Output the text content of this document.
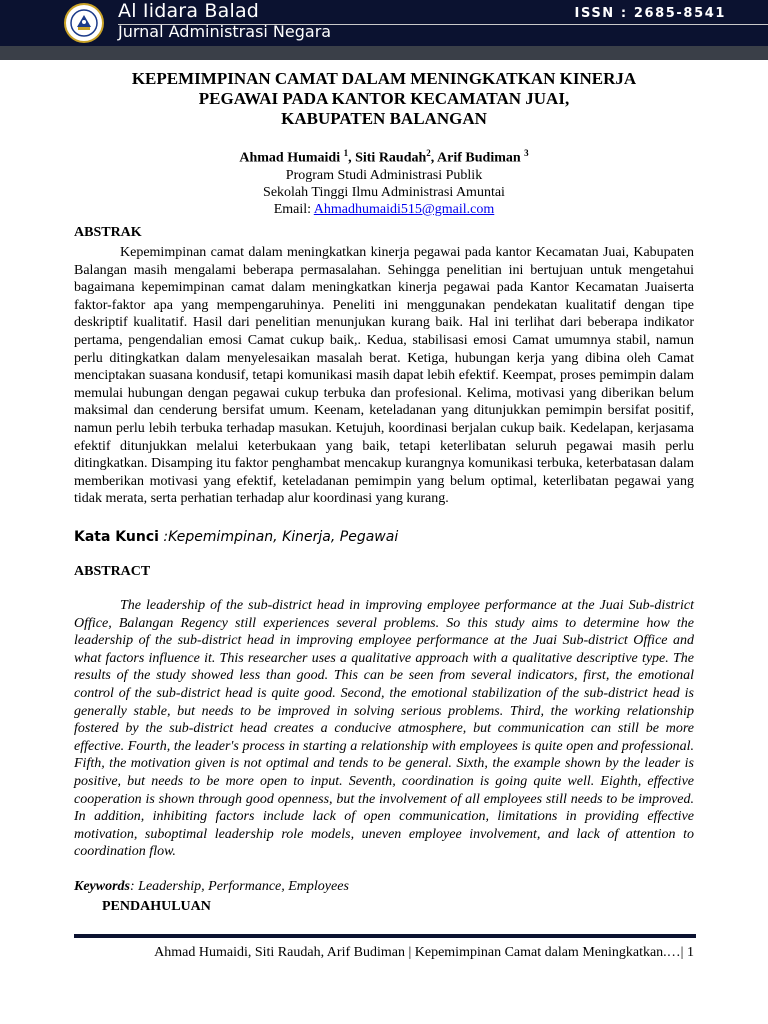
Al Iidara Balad
Jurnal Administrasi Negara
ISSN : 2685-8541
KEPEMIMPINAN CAMAT DALAM MENINGKATKAN KINERJA
PEGAWAI PADA KANTOR KECAMATAN JUAI,
KABUPATEN BALANGAN
Ahmad Humaidi $^1$, Siti Raudah$^2$, Arif Budiman $^3$
Program Studi Administrasi Publik
Sekolah Tinggi Ilmu Administrasi Amuntai
Email: Ahmadhumaidi515@gmail.com
ABSTRAK
Kepemimpinan camat dalam meningkatkan kinerja pegawai pada kantor Kecamatan Juai, Kabupaten Balangan masih mengalami beberapa permasalahan. Sehingga penelitian ini bertujuan untuk mengetahui bagaimana kepemimpinan camat dalam meningkatkan kinerja pegawai pada Kantor Kecamatan Juaiserta faktor-faktor apa yang mempengaruhinya. Peneliti ini menggunakan pendekatan kualitatif dengan tipe deskriptif kualitatif. Hasil dari penelitian menunjukan kurang baik. Hal ini terlihat dari beberapa indikator pertama, pengendalian emosi Camat cukup baik,. Kedua, stabilisasi emosi Camat umumnya stabil, namun perlu ditingkatkan dalam menyelesaikan masalah berat. Ketiga, hubungan kerja yang dibina oleh Camat menciptakan suasana kondusif, tetapi komunikasi masih dapat lebih efektif. Keempat, proses pemimpin dalam memulai hubungan dengan pegawai cukup terbuka dan profesional. Kelima, motivasi yang diberikan belum maksimal dan cenderung bersifat umum. Keenam, keteladanan yang ditunjukkan pemimpin bersifat positif, namun perlu lebih terbuka terhadap masukan. Ketujuh, koordinasi berjalan cukup baik. Kedelapan, kerjasama efektif ditunjukkan melalui keterbukaan yang baik, tetapi keterlibatan seluruh pegawai masih perlu ditingkatkan. Disamping itu faktor penghambat mencakup kurangnya komunikasi terbuka, keterbatasan dalam memberikan motivasi yang efektif, keteladanan pemimpin yang belum optimal, keterlibatan pegawai yang tidak merata, serta perhatian terhadap alur koordinasi yang kurang.
Kata Kunci :Kepemimpinan, Kinerja, Pegawai
ABSTRACT
The leadership of the sub-district head in improving employee performance at the Juai Sub-district Office, Balangan Regency still experiences several problems. So this study aims to determine how the leadership of the sub-district head in improving employee performance at the Juai Sub-district Office and what factors influence it. This researcher uses a qualitative approach with a qualitative descriptive type. The results of the study showed less than good. This can be seen from several indicators, first, the emotional control of the sub-district head is quite good. Second, the emotional stabilization of the sub-district head is generally stable, but needs to be improved in solving serious problems. Third, the working relationship fostered by the sub-district head creates a conducive atmosphere, but communication can still be more effective. Fourth, the leader's process in starting a relationship with employees is quite open and professional. Fifth, the motivation given is not optimal and tends to be general. Sixth, the example shown by the leader is positive, but needs to be more open to input. Seventh, coordination is going quite well. Eighth, effective cooperation is shown through good openness, but the involvement of all employees still needs to be improved. In addition, inhibiting factors include lack of open communication, limitations in providing effective motivation, suboptimal leadership role models, uneven employee involvement, and lack of attention to coordination flow.
Keywords: Leadership, Performance, Employees
PENDAHULUAN
Ahmad Humaidi, Siti Raudah, Arif Budiman | Kepemimpinan Camat dalam Meningkatkan.…| 1
